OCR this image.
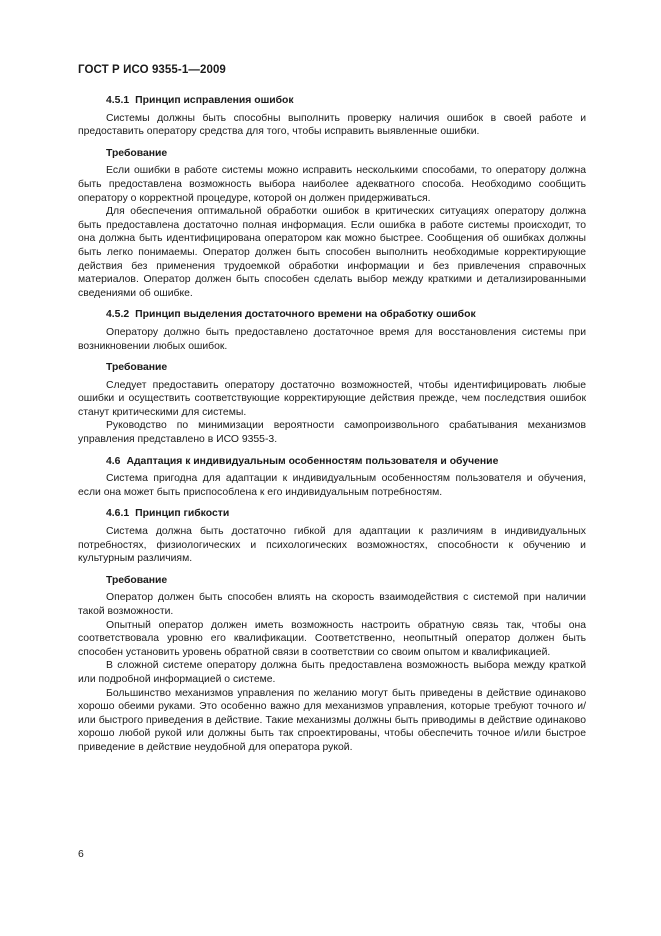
ГОСТ Р ИСО 9355-1—2009

4.5.1 Принцип исправления ошибок

Системы должны быть способны выполнить проверку наличия ошибок в своей работе и предоставить оператору средства для того, чтобы исправить выявленные ошибки.

Требование

Если ошибки в работе системы можно исправить несколькими способами, то оператору должна быть предоставлена возможность выбора наиболее адекватного способа. Необходимо сообщить оператору о корректной процедуре, которой он должен придерживаться.

Для обеспечения оптимальной обработки ошибок в критических ситуациях оператору должна быть предоставлена достаточно полная информация. Если ошибка в работе системы происходит, то она должна быть идентифицирована оператором как можно быстрее. Сообщения об ошибках должны быть легко понимаемы. Оператор должен быть способен выполнить необходимые корректирующие действия без применения трудоемкой обработки информации и без привлечения справочных материалов. Оператор должен быть способен сделать выбор между краткими и детализированными сведениями об ошибке.

4.5.2 Принцип выделения достаточного времени на обработку ошибок

Оператору должно быть предоставлено достаточное время для восстановления системы при возникновении любых ошибок.

Требование

Следует предоставить оператору достаточно возможностей, чтобы идентифицировать любые ошибки и осуществить соответствующие корректирующие действия прежде, чем последствия ошибок станут критическими для системы.

Руководство по минимизации вероятности самопроизвольного срабатывания механизмов управления представлено в ИСО 9355-3.

4.6 Адаптация к индивидуальным особенностям пользователя и обучение

Система пригодна для адаптации к индивидуальным особенностям пользователя и обучения, если она может быть приспособлена к его индивидуальным потребностям.

4.6.1 Принцип гибкости

Система должна быть достаточно гибкой для адаптации к различиям в индивидуальных потребностях, физиологических и психологических возможностях, способности к обучению и культурным различиям.

Требование

Оператор должен быть способен влиять на скорость взаимодействия с системой при наличии такой возможности.

Опытный оператор должен иметь возможность настроить обратную связь так, чтобы она соответствовала уровню его квалификации. Соответственно, неопытный оператор должен быть способен установить уровень обратной связи в соответствии со своим опытом и квалификацией.

В сложной системе оператору должна быть предоставлена возможность выбора между краткой или подробной информацией о системе.

Большинство механизмов управления по желанию могут быть приведены в действие одинаково хорошо обеими руками. Это особенно важно для механизмов управления, которые требуют точного и/или быстрого приведения в действие. Такие механизмы должны быть приводимы в действие одинаково хорошо любой рукой или должны быть так спроектированы, чтобы обеспечить точное и/или быстрое приведение в действие неудобной для оператора рукой.

6
